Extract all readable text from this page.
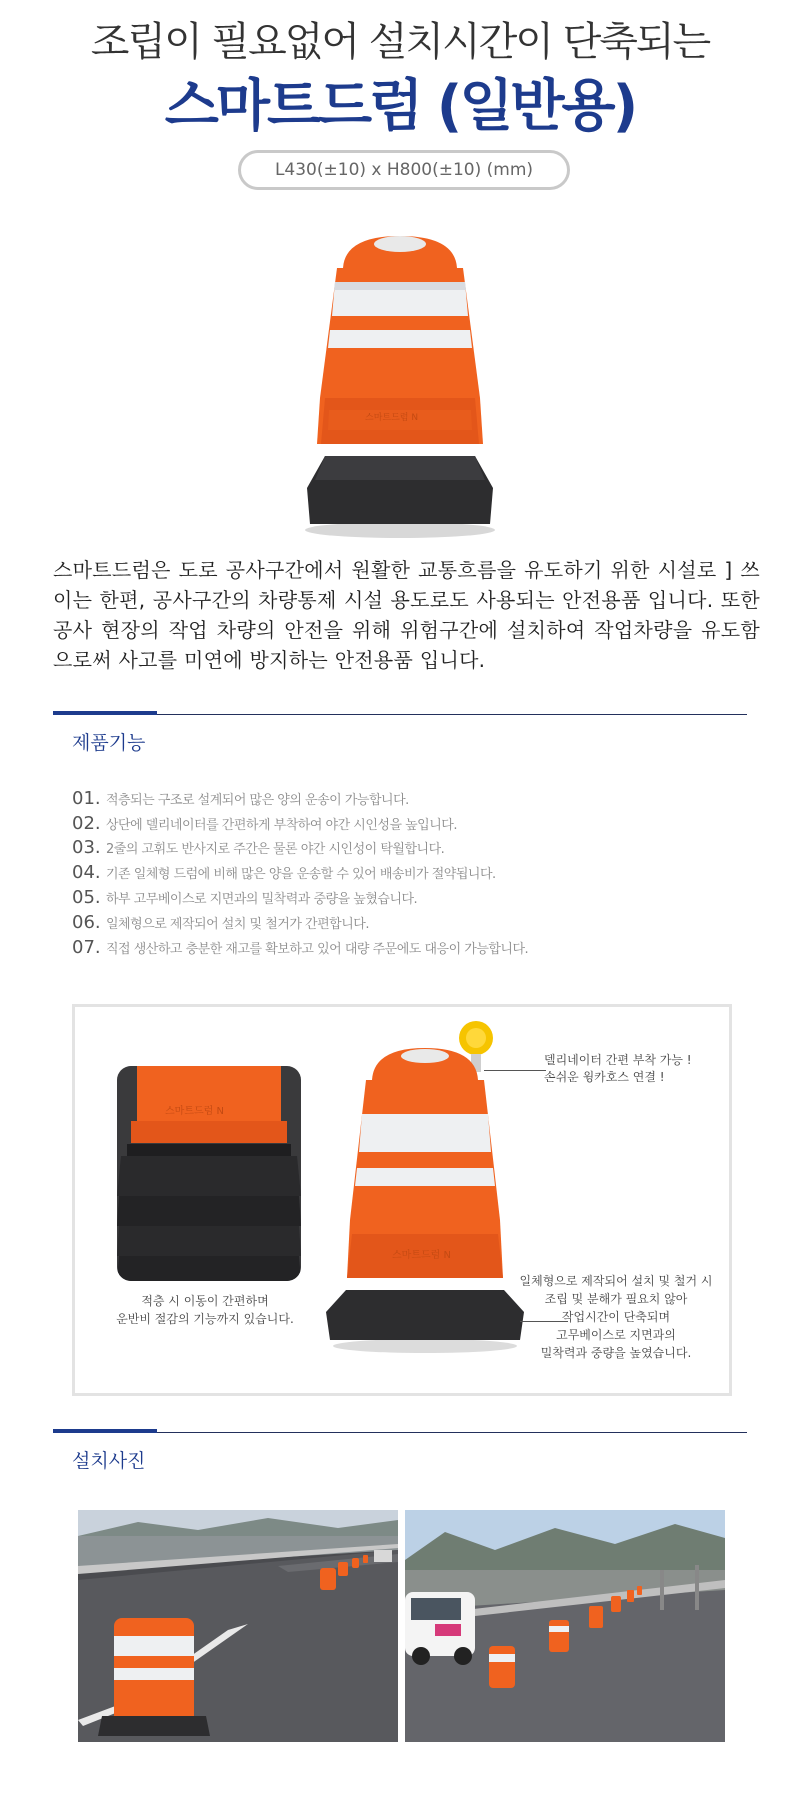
조립이 필요없어 설치시간이 단축되는
스마트드럼 (일반용)
L430(±10) x H800(±10) (mm)
스마트드럼 N
스마트드럼은 도로 공사구간에서 원활한 교통흐름을 유도하기 위한 시설로 ] 쓰이는 한편, 공사구간의 차량통제 시설 용도로도 사용되는 안전용품 입니다. 또한 공사 현장의 작업 차량의 안전을 위해 위험구간에 설치하여 작업차량을 유도함으로써 사고를 미연에 방지하는 안전용품 입니다.
제품기능
01. 적층되는 구조로 설계되어 많은 양의 운송이 가능합니다.
02. 상단에 델리네이터를 간편하게 부착하여 야간 시인성을 높입니다.
03. 2줄의 고휘도 반사지로 주간은 물론 야간 시인성이 탁월합니다.
04. 기존 일체형 드럼에 비해 많은 양을 운송할 수 있어 배송비가 절약됩니다.
05. 하부 고무베이스로 지면과의 밀착력과 중량을 높혔습니다.
06. 일체형으로 제작되어 설치 및 철거가 간편합니다.
07. 직접 생산하고 충분한 재고를 확보하고 있어 대량 주문에도 대응이 가능합니다.
스마트드럼 N
적층 시 이동이 간편하며
운반비 절감의 기능까지 있습니다.
델리네이터 간편 부착 가능 !
손쉬운 윙카호스 연결 !
스마트드럼 N
일체형으로 제작되어 설치 및 철거 시
조립 및 분해가 필요치 않아
작업시간이 단축되며
고무베이스로 지면과의
밀착력과 중량을 높였습니다.
설치사진
